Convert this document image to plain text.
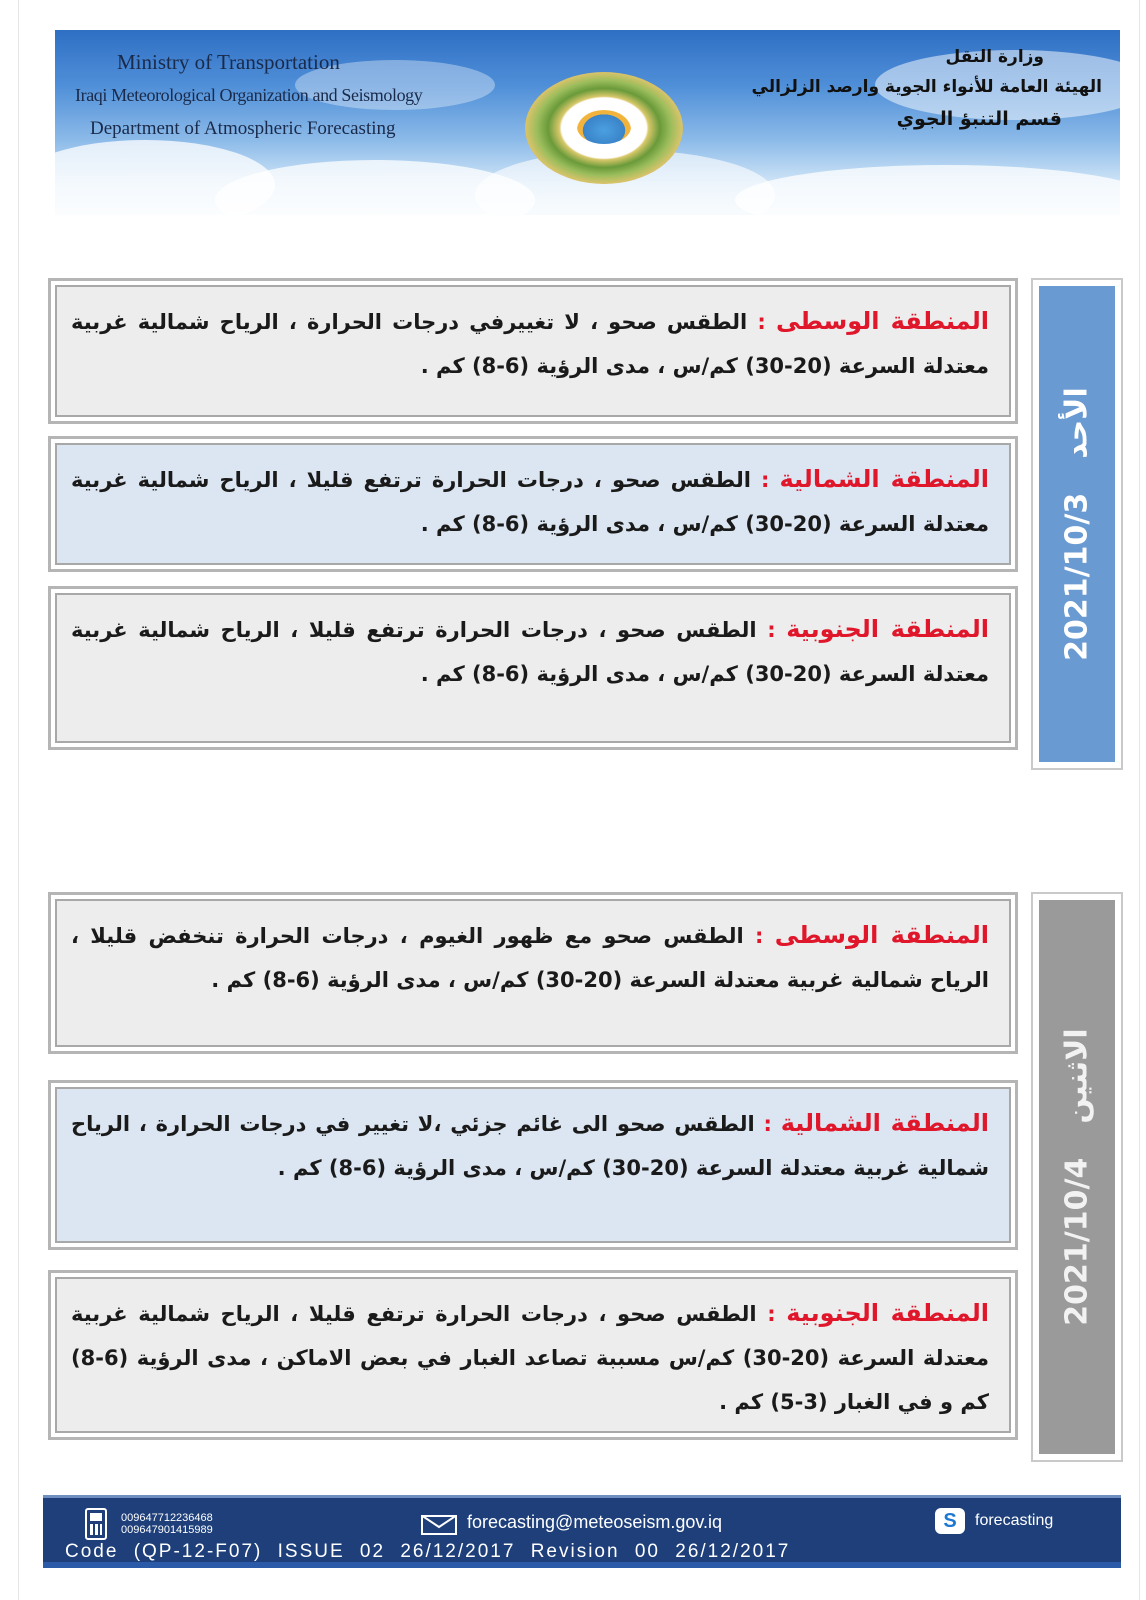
Ministry of Transportation
Iraqi Meteorological Organization and Seismology
Department of Atmospheric Forecasting
وزارة النقل
الهيئة العامة للأنواء الجوية وارصد الزلزالي
قسم التنبؤ الجوي
المنطقة الوسطى : الطقس صحو ، لا تغييرفي درجات الحرارة ، الرياح شمالية غربية معتدلة السرعة (20-30) كم/س ، مدى الرؤية (6-8) كم .
المنطقة الشمالية : الطقس صحو ، درجات الحرارة ترتفع قليلا ، الرياح شمالية غربية معتدلة السرعة (20-30) كم/س ، مدى الرؤية (6-8) كم .
المنطقة الجنوبية : الطقس صحو ، درجات الحرارة ترتفع قليلا ، الرياح شمالية غربية معتدلة السرعة (20-30) كم/س ، مدى الرؤية (6-8) كم .
2021/10/3
الأحد
المنطقة الوسطى : الطقس صحو مع ظهور الغيوم ، درجات الحرارة تنخفض قليلا ، الرياح شمالية غربية معتدلة السرعة (20-30) كم/س ، مدى الرؤية (6-8) كم .
المنطقة الشمالية : الطقس صحو الى غائم جزئي ،لا تغيير في درجات الحرارة ، الرياح شمالية غربية معتدلة السرعة (20-30) كم/س ، مدى الرؤية (6-8) كم .
المنطقة الجنوبية : الطقس صحو ، درجات الحرارة ترتفع قليلا ، الرياح شمالية غربية معتدلة السرعة (20-30) كم/س مسببة تصاعد الغبار في بعض الاماكن ، مدى الرؤية (6-8) كم و في الغبار (3-5) كم .
2021/10/4
الاثنين
009647712236468
009647901415989	forecasting@meteoseism.gov.iq	S	forecasting
Code (QP-12-F07) ISSUE 02 26/12/2017 Revision 00 26/12/2017
